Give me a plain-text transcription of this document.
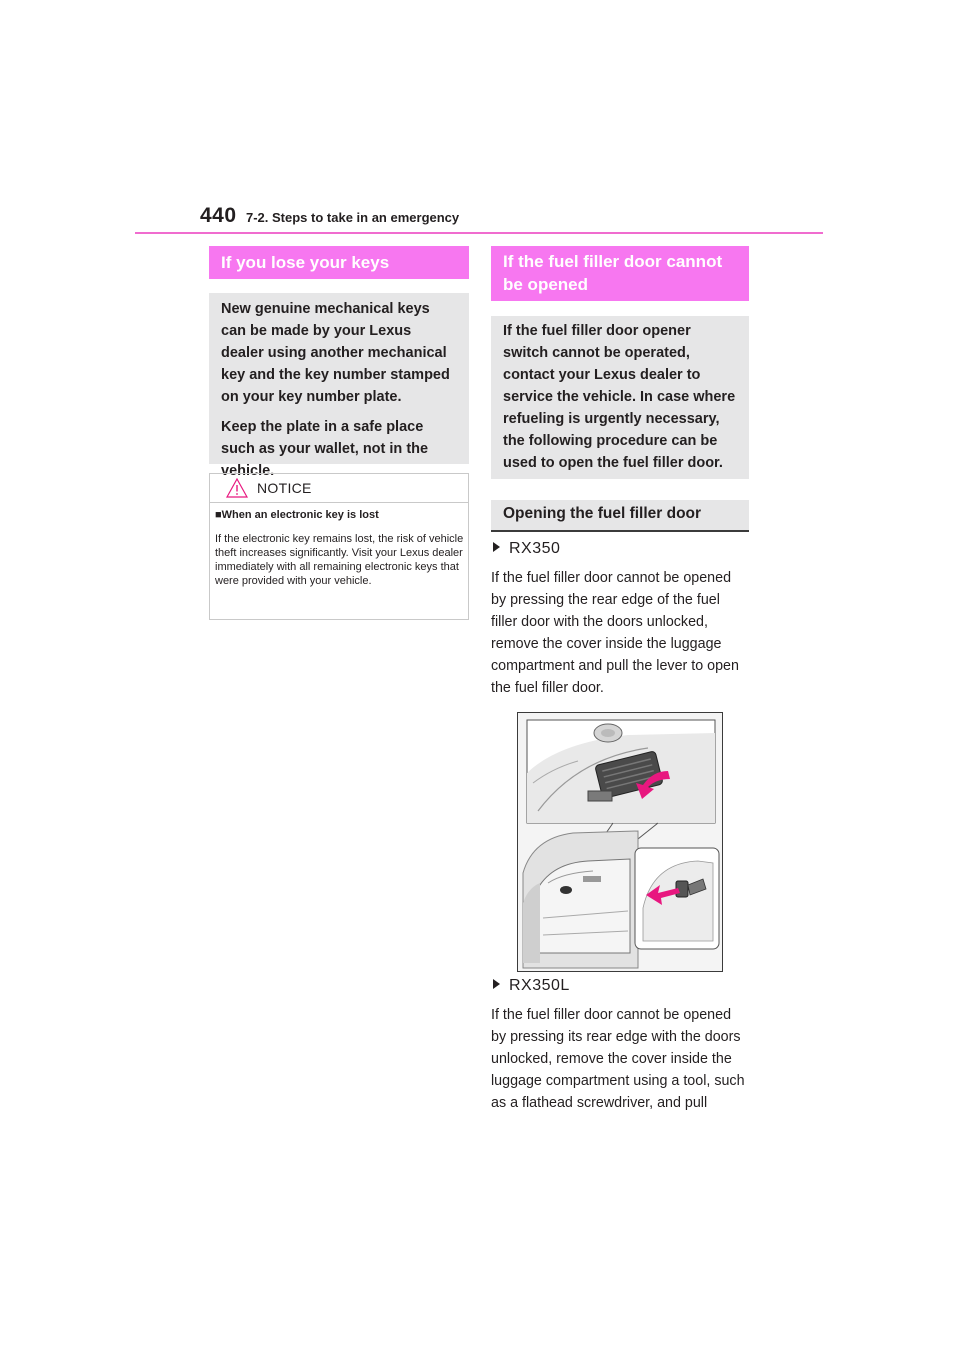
440 7-2. Steps to take in an emergency
If you lose your keys

New genuine mechanical keys can be made by your Lexus dealer using another mechanical key and the key number stamped on your key number plate.

Keep the plate in a safe place such as your wallet, not in the vehicle.

NOTICE
■When an electronic key is lost
If the electronic key remains lost, the risk of vehicle theft increases significantly. Visit your Lexus dealer immediately with all remaining electronic keys that were provided with your vehicle.
If the fuel filler door cannot be opened

If the fuel filler door opener switch cannot be operated, contact your Lexus dealer to service the vehicle. In case where refueling is urgently necessary, the following procedure can be used to open the fuel filler door.

Opening the fuel filler door
RX350
If the fuel filler door cannot be opened by pressing the rear edge of the fuel filler door with the doors unlocked, remove the cover inside the luggage compartment and pull the lever to open the fuel filler door.
RX350L
If the fuel filler door cannot be opened by pressing its rear edge with the doors unlocked, remove the cover inside the luggage compartment using a tool, such as a flathead screwdriver, and pull
